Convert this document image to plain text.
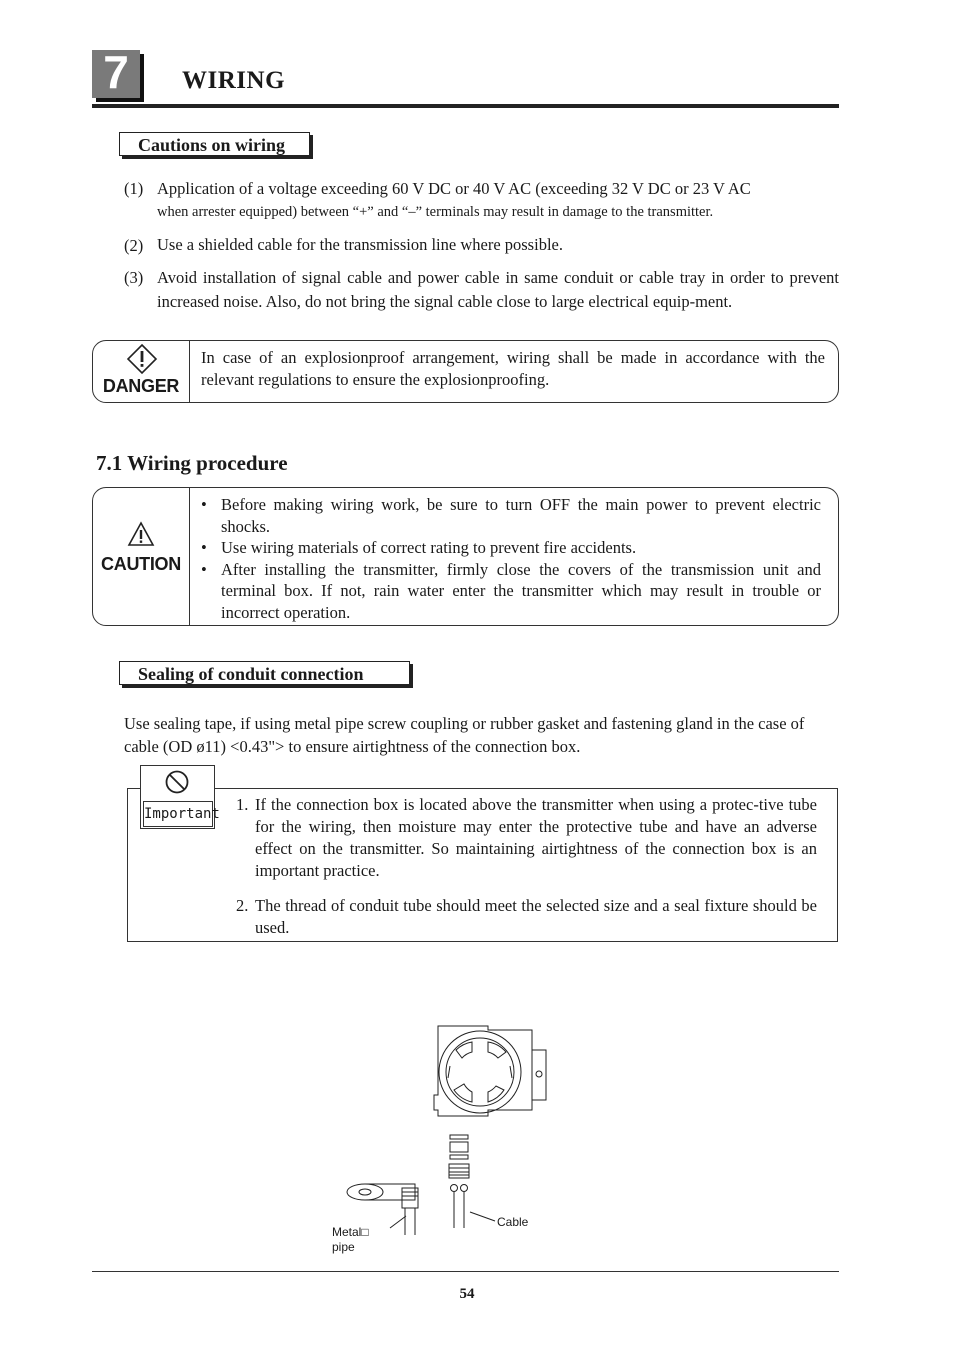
7	WIRING
Cautions on wiring
(1) Application of a voltage exceeding 60 V DC or 40 V AC (exceeding 32 V DC or 23 V AC
when arrester equipped) between “+” and “–” terminals may result in damage to the transmitter.
(2) Use a shielded cable for the transmission line where possible.
(3) Avoid installation of signal cable and power cable in same conduit or cable tray in order to prevent increased noise. Also, do not bring the signal cable close to large electrical equip-ment.
DANGER
In case of an explosionproof arrangement, wiring shall be made in accordance with the relevant regulations to ensure the explosionproofing.
7.1 Wiring procedure
CAUTION
• Before making wiring work, be sure to turn OFF the main power to prevent electric shocks.
• Use wiring materials of correct rating to prevent fire accidents.
• After installing the transmitter, firmly close the covers of the transmission unit and terminal box. If not, rain water enter the transmitter which may result in trouble or incorrect operation.
Sealing of conduit connection
Use sealing tape, if using metal pipe screw coupling or rubber gasket and fastening gland in the case of cable (OD ø11) <0.43"> to ensure airtightness of the connection box.
Important 1. If the connection box is located above the transmitter when using a protec-tive tube for the wiring, then moisture may enter the protective tube and have an adverse effect on the transmitter. So maintaining airtightness of the connection box is an important practice.
2. The thread of conduit tube should meet the selected size and a seal fixture should be used.
Cable
Metal□
pipe
54
